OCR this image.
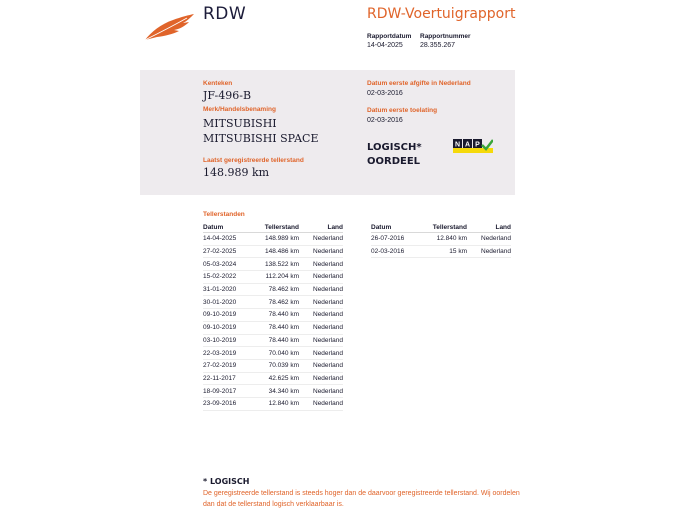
RDW	RDW-Voertuigrapport
Rapportdatum
14-04-2025
Rapportnummer
28.355.267
Kenteken
JF-496-B
Merk/Handelsbenaming
MITSUBISHI
MITSUBISHI SPACE
Laatst geregistreerde tellerstand
148.989 km
Datum eerste afgifte in Nederland
02-03-2016
Datum eerste toelating
02-03-2016
LOGISCH*
OORDEEL
N A P
Tellerstanden
Datum	Tellerstand	Land
14-04-2025	148.989 km	Nederland
27-02-2025	148.486 km	Nederland
05-03-2024	138.522 km	Nederland
15-02-2022	112.204 km	Nederland
31-01-2020	78.462 km	Nederland
30-01-2020	78.462 km	Nederland
09-10-2019	78.440 km	Nederland
09-10-2019	78.440 km	Nederland
03-10-2019	78.440 km	Nederland
22-03-2019	70.040 km	Nederland
27-02-2019	70.039 km	Nederland
22-11-2017	42.625 km	Nederland
18-09-2017	34.340 km	Nederland
23-09-2016	12.840 km	Nederland
Datum	Tellerstand	Land
26-07-2016	12.840 km	Nederland
02-03-2016	15 km	Nederland
* LOGISCH
De geregistreerde tellerstand is steeds hoger dan de daarvoor geregistreerde tellerstand. Wij oordelen dan dat de tellerstand logisch verklaarbaar is.
